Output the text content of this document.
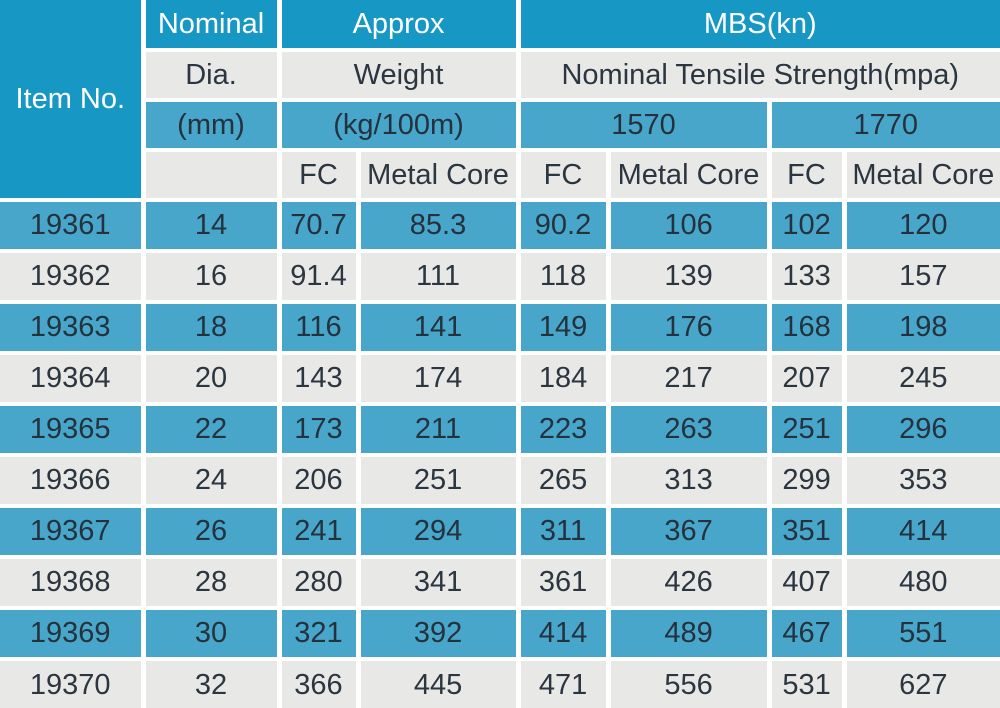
Item No.	Nominal	Approx		MBS(kn)			
	Dia.	Weight		Nominal Tensile Strength(mpa)			
	(mm)	(kg/100m)		1570		1770	
		FC	Metal Core	FC	Metal Core	FC	Metal Core
19361	14	70.7	85.3	90.2	106	102	120
19362	16	91.4	111	118	139	133	157
19363	18	116	141	149	176	168	198
19364	20	143	174	184	217	207	245
19365	22	173	211	223	263	251	296
19366	24	206	251	265	313	299	353
19367	26	241	294	311	367	351	414
19368	28	280	341	361	426	407	480
19369	30	321	392	414	489	467	551
19370	32	366	445	471	556	531	627
